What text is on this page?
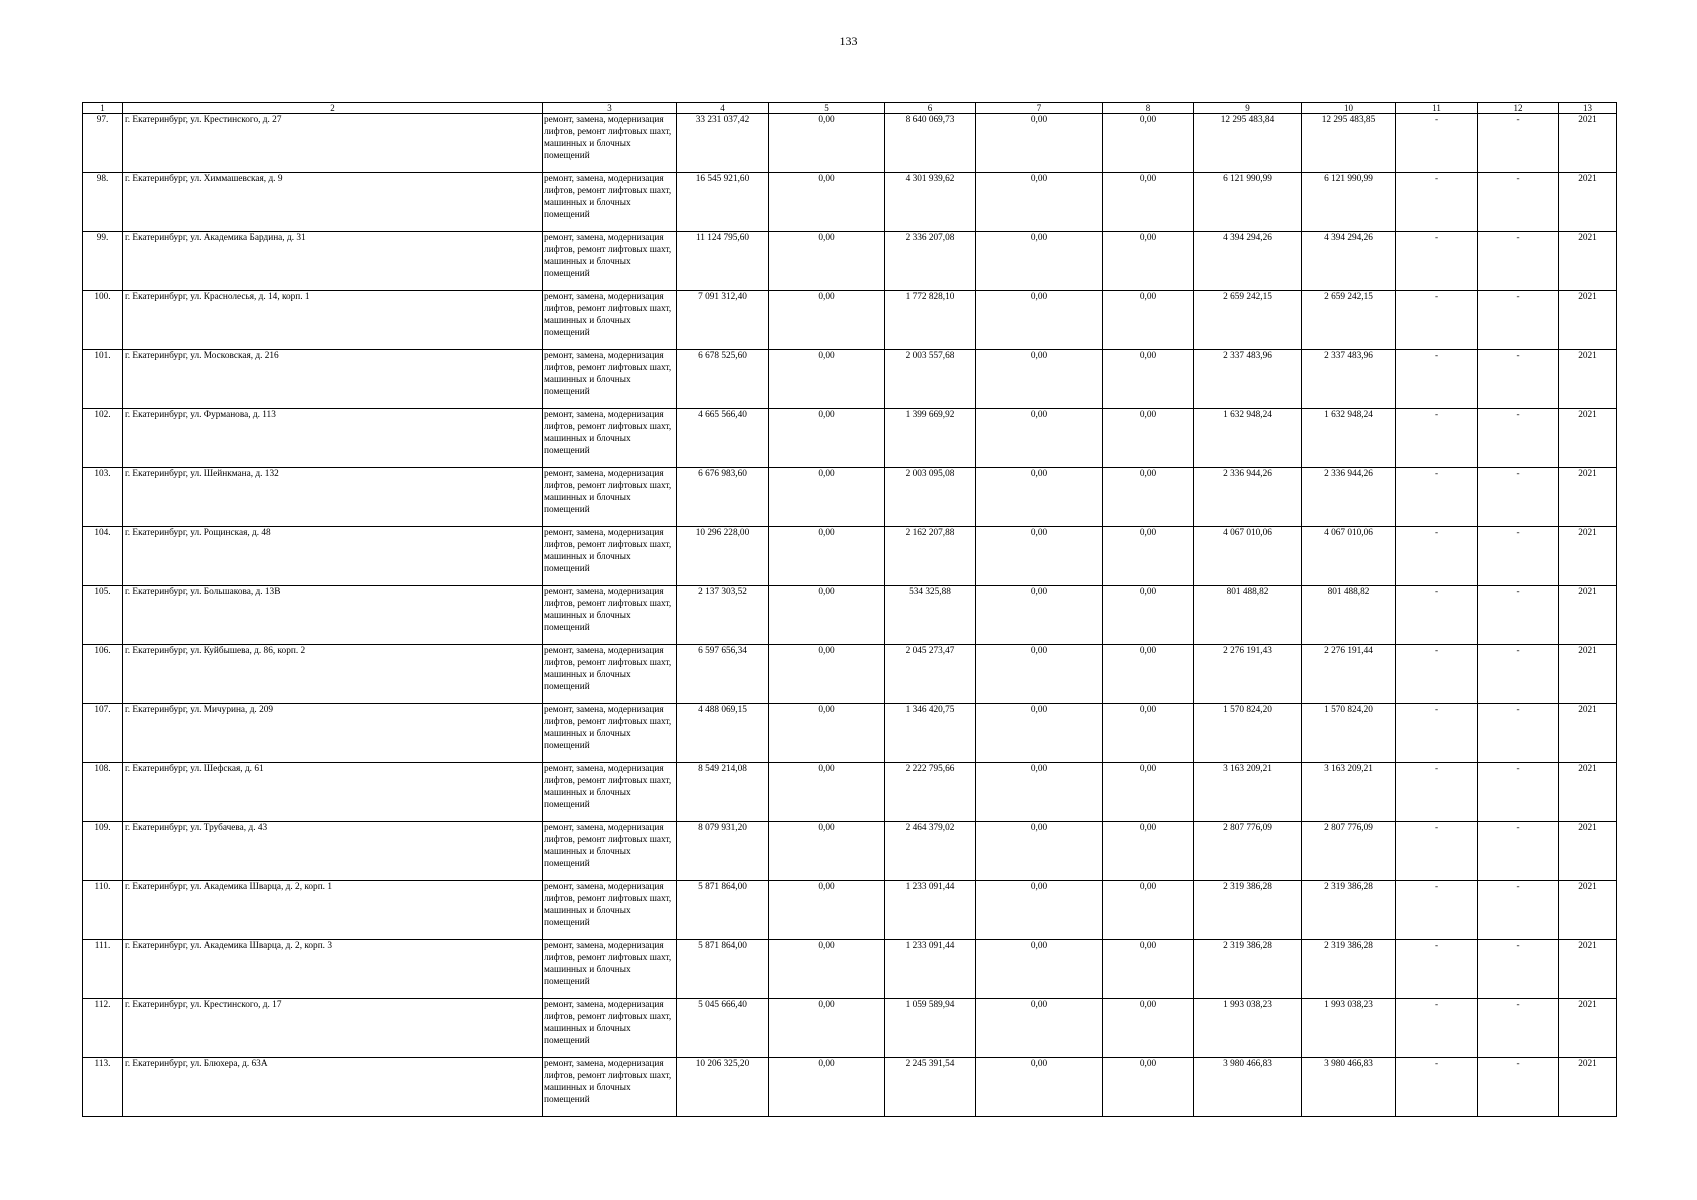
133
1	2	3	4	5	6	7	8	9	10	11	12	13
97.	г. Екатеринбург, ул. Крестинского, д. 27	ремонт, замена, модернизация лифтов, ремонт лифтовых шахт, машинных и блочных помещений	33 231 037,42	0,00	8 640 069,73	0,00	0,00	12 295 483,84	12 295 483,85	-	-	2021
98.	г. Екатеринбург, ул. Химмашевская, д. 9	ремонт, замена, модернизация лифтов, ремонт лифтовых шахт, машинных и блочных помещений	16 545 921,60	0,00	4 301 939,62	0,00	0,00	6 121 990,99	6 121 990,99	-	-	2021
99.	г. Екатеринбург, ул. Академика Бардина, д. 31	ремонт, замена, модернизация лифтов, ремонт лифтовых шахт, машинных и блочных помещений	11 124 795,60	0,00	2 336 207,08	0,00	0,00	4 394 294,26	4 394 294,26	-	-	2021
100.	г. Екатеринбург, ул. Краснолесья, д. 14, корп. 1	ремонт, замена, модернизация лифтов, ремонт лифтовых шахт, машинных и блочных помещений	7 091 312,40	0,00	1 772 828,10	0,00	0,00	2 659 242,15	2 659 242,15	-	-	2021
101.	г. Екатеринбург, ул. Московская, д. 216	ремонт, замена, модернизация лифтов, ремонт лифтовых шахт, машинных и блочных помещений	6 678 525,60	0,00	2 003 557,68	0,00	0,00	2 337 483,96	2 337 483,96	-	-	2021
102.	г. Екатеринбург, ул. Фурманова, д. 113	ремонт, замена, модернизация лифтов, ремонт лифтовых шахт, машинных и блочных помещений	4 665 566,40	0,00	1 399 669,92	0,00	0,00	1 632 948,24	1 632 948,24	-	-	2021
103.	г. Екатеринбург, ул. Шейнкмана, д. 132	ремонт, замена, модернизация лифтов, ремонт лифтовых шахт, машинных и блочных помещений	6 676 983,60	0,00	2 003 095,08	0,00	0,00	2 336 944,26	2 336 944,26	-	-	2021
104.	г. Екатеринбург, ул. Рощинская, д. 48	ремонт, замена, модернизация лифтов, ремонт лифтовых шахт, машинных и блочных помещений	10 296 228,00	0,00	2 162 207,88	0,00	0,00	4 067 010,06	4 067 010,06	-	-	2021
105.	г. Екатеринбург, ул. Большакова, д. 13В	ремонт, замена, модернизация лифтов, ремонт лифтовых шахт, машинных и блочных помещений	2 137 303,52	0,00	534 325,88	0,00	0,00	801 488,82	801 488,82	-	-	2021
106.	г. Екатеринбург, ул. Куйбышева, д. 86, корп. 2	ремонт, замена, модернизация лифтов, ремонт лифтовых шахт, машинных и блочных помещений	6 597 656,34	0,00	2 045 273,47	0,00	0,00	2 276 191,43	2 276 191,44	-	-	2021
107.	г. Екатеринбург, ул. Мичурина, д. 209	ремонт, замена, модернизация лифтов, ремонт лифтовых шахт, машинных и блочных помещений	4 488 069,15	0,00	1 346 420,75	0,00	0,00	1 570 824,20	1 570 824,20	-	-	2021
108.	г. Екатеринбург, ул. Шефская, д. 61	ремонт, замена, модернизация лифтов, ремонт лифтовых шахт, машинных и блочных помещений	8 549 214,08	0,00	2 222 795,66	0,00	0,00	3 163 209,21	3 163 209,21	-	-	2021
109.	г. Екатеринбург, ул. Трубачева, д. 43	ремонт, замена, модернизация лифтов, ремонт лифтовых шахт, машинных и блочных помещений	8 079 931,20	0,00	2 464 379,02	0,00	0,00	2 807 776,09	2 807 776,09	-	-	2021
110.	г. Екатеринбург, ул. Академика Шварца, д. 2, корп. 1	ремонт, замена, модернизация лифтов, ремонт лифтовых шахт, машинных и блочных помещений	5 871 864,00	0,00	1 233 091,44	0,00	0,00	2 319 386,28	2 319 386,28	-	-	2021
111.	г. Екатеринбург, ул. Академика Шварца, д. 2, корп. 3	ремонт, замена, модернизация лифтов, ремонт лифтовых шахт, машинных и блочных помещений	5 871 864,00	0,00	1 233 091,44	0,00	0,00	2 319 386,28	2 319 386,28	-	-	2021
112.	г. Екатеринбург, ул. Крестинского, д. 17	ремонт, замена, модернизация лифтов, ремонт лифтовых шахт, машинных и блочных помещений	5 045 666,40	0,00	1 059 589,94	0,00	0,00	1 993 038,23	1 993 038,23	-	-	2021
113.	г. Екатеринбург, ул. Блюхера, д. 63А	ремонт, замена, модернизация лифтов, ремонт лифтовых шахт, машинных и блочных помещений	10 206 325,20	0,00	2 245 391,54	0,00	0,00	3 980 466,83	3 980 466,83	-	-	2021
